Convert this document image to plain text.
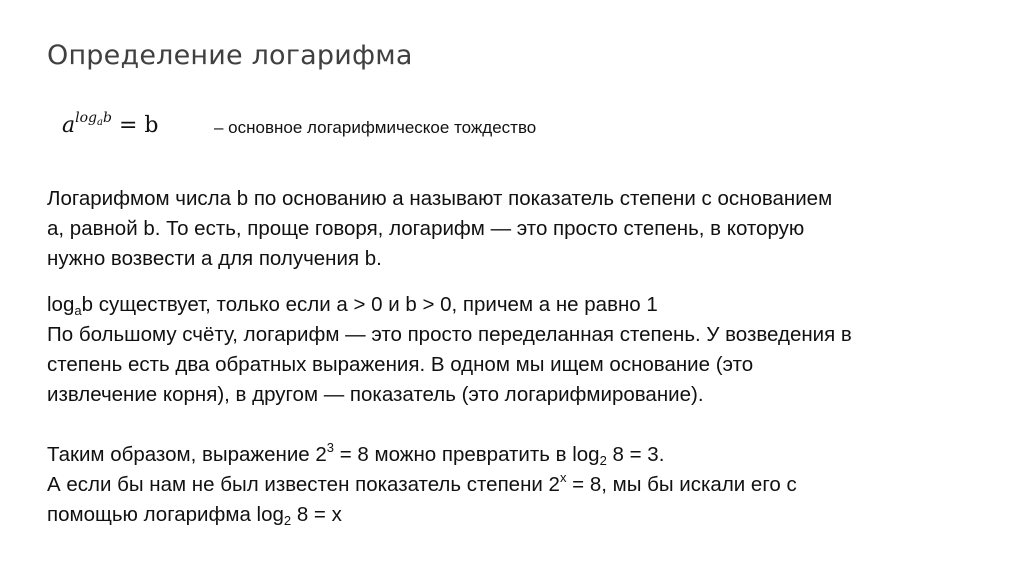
Определение логарифма
$a^{log_ab} = b$	– основное логарифмическое тождество
Логарифмом числа b по основанию a называют показатель степени с основанием
a, равной b. То есть, проще говоря, логарифм — это просто степень, в которую
нужно возвести a для получения b.
$\log_ab$ существует, только если a > 0 и b > 0, причем a не равно 1
По большому счёту, логарифм — это просто переделанная степень. У возведения в
степень есть два обратных выражения. В одном мы ищем основание (это
извлечение корня), в другом — показатель (это логарифмирование).
Таким образом, выражение $2^3 = 8$ можно превратить в $\log_2 8 = 3$.
А если бы нам не был известен показатель степени $2^x = 8$, мы бы искали его с
помощью логарифма $\log_2 8 = x$
